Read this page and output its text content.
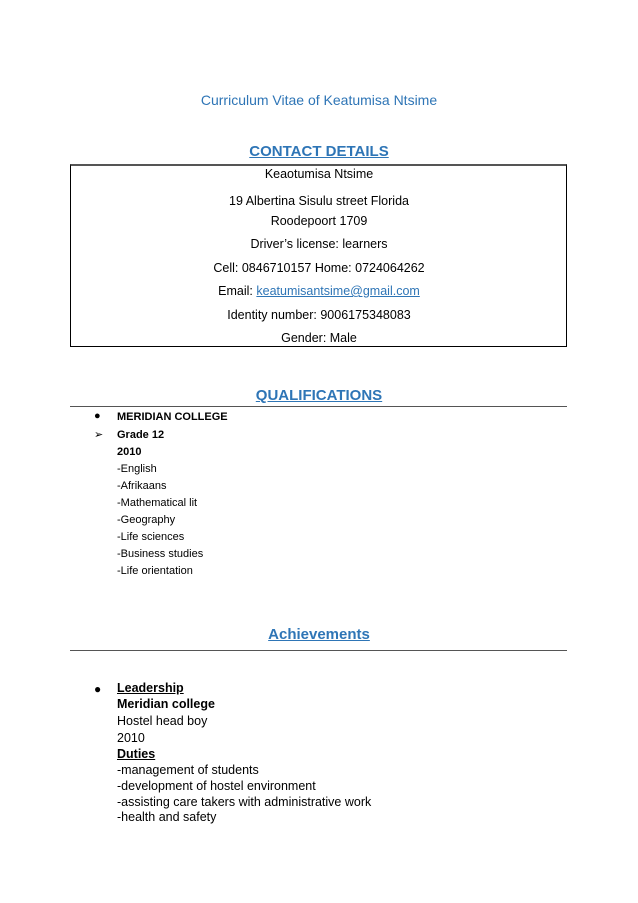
Curriculum Vitae of Keatumisa Ntsime
CONTACT DETAILS
Keaotumisa Ntsime
19 Albertina Sisulu street Florida
Roodepoort 1709
Driver’s license: learners
Cell: 0846710157 Home: 0724064262
Email: keatumisantsime@gmail.com
Identity number: 9006175348083
Gender: Male
QUALIFICATIONS
● MERIDIAN COLLEGE
➢ Grade 12
2010
-English
-Afrikaans
-Mathematical lit
-Geography
-Life sciences
-Business studies
-Life orientation
Achievements
● Leadership
Meridian college
Hostel head boy
2010
Duties
-management of students
-development of hostel environment
-assisting care takers with administrative work
-health and safety
